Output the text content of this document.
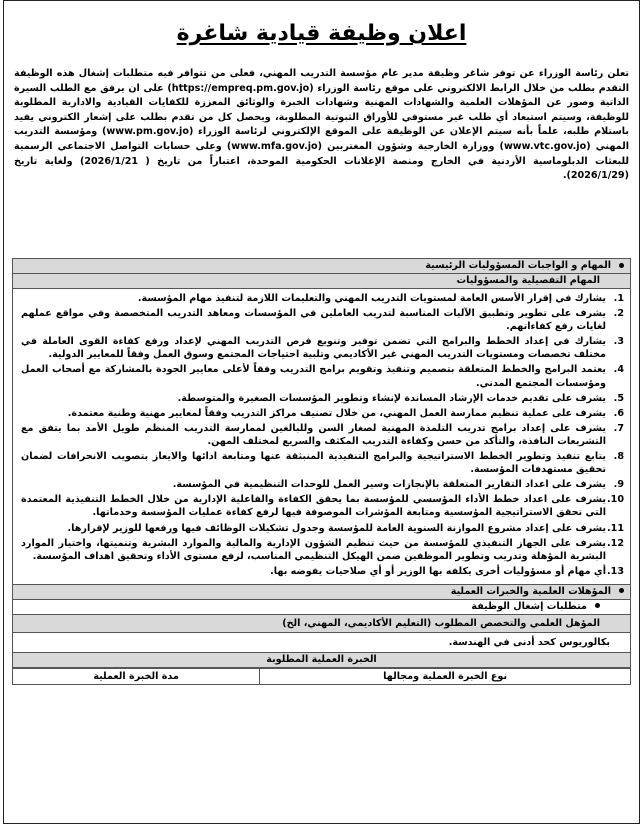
اعلان وظيفة قيادية شاغرة

تعلن رئاسة الوزراء عن توفر شاغر وظيفة مدير عام مؤسسة التدريب المهني، فعلى من تتوافر فيه متطلبات إشغال هذه الوظيفة التقدم بطلب من خلال الرابط الالكتروني على موقع رئاسة الوزراء (https://empreq.pm.gov.jo) على ان يرفق مع الطلب السيرة الذاتية وصور عن المؤهلات العلمية والشهادات المهنية وشهادات الخبرة والوثائق المعززة للكفايات القيادية والادارية المطلوبة للوظيفة، وسيتم استبعاد أي طلب غير مستوفي للأوراق الثبوتية المطلوبة، ويحصل كل من تقدم بطلب على إشعار الكتروني يفيد باستلام طلبه، علماً بأنه سيتم الإعلان عن الوظيفة على الموقع الإلكتروني لرئاسة الوزراء (www.pm.gov.jo) ومؤسسة التدريب المهني (www.vtc.gov.jo) ووزارة الخارجية وشؤون المغتربين (www.mfa.gov.jo) وعلى حسابات التواصل الاجتماعي الرسمية للبعثات الدبلوماسية الأردنية في الخارج ومنصة الإعلانات الحكومية الموحدة، اعتباراً من تاريخ ( 2026/1/21) ولغاية تاريخ (2026/1/29).

المهام و الواجبات المسؤوليات الرئيسية
المهام التفصيلية والمسؤوليات
1.
يشارك في إقرار الأسس العامة لمستويات التدريب المهني والتعليمات اللازمة لتنفيذ مهام المؤسسة.
2.
يشرف على تطوير وتطبيق الآليات المناسبة لتدريب العاملين في المؤسسات ومعاهد التدريب المتخصصة وفي مواقع عملهم لغايات رفع كفاءاتهم.
3.
يشارك في إعداد الخطط والبرامج التي تضمن توفير وتنويع فرص التدريب المهني لإعداد ورفع كفاءة القوى العاملة في مختلف تخصصات ومستويات التدريب المهني غير الأكاديمي وتلبية احتياجات المجتمع وسوق العمل وفقاً للمعايير الدولية.
4.
يعتمد البرامج والخطط المتعلقة بتصميم وتنفيذ وتقويم برامج التدريب وفقاً لأعلى معايير الجودة بالمشاركة مع أصحاب العمل ومؤسسات المجتمع المدني.
5.
يشرف على تقديم خدمات الإرشاد المساندة لإنشاء وتطوير المؤسسات الصغيرة والمتوسطة.
6.
يشرف على عملية تنظيم ممارسة العمل المهني، من خلال تصنيف مراكز التدريب وفقاً لمعايير مهنية وطنية معتمدة.
7.
يشرف على إعداد برامج تدريب التلمذة المهنية لصغار السن وللبالغين لممارسة التدريب المنظم طويل الأمد بما يتفق مع التشريعات النافذة، والتأكد من حسن وكفاءة التدريب المكثف والسريع لمختلف المهن.
8.
يتابع تنفيذ وتطوير الخطط الاستراتيجية والبرامج التنفيذية المنبثقة عنها ومتابعة ادائها والايعاز بتصويب الانحرافات لضمان تحقيق مستهدفات المؤسسة.
9.
يشرف على اعداد التقارير المتعلقة بالإنجازات وسير العمل للوحدات التنظيمية في المؤسسة.
10.
يشرف على اعداد خطط الأداء المؤسسي للمؤسسة بما يحقق الكفاءة والفاعلية الإدارية من خلال الخطط التنفيذية المعتمدة التي تحقق الاستراتيجية المؤسسية ومتابعة المؤشرات الموصوفة فيها لرفع كفاءة عمليات المؤسسة وخدماتها.
11.
يشرف على إعداد مشروع الموازنة السنوية العامة للمؤسسة وجدول تشكيلات الوظائف فيها ورفعها للوزير لإقرارها.
12.
يشرف على الجهاز التنفيذي للمؤسسة من حيث تنظيم الشؤون الإدارية والمالية والموارد البشرية وتنميتها، واختيار الموارد البشرية المؤهلة وتدريب وتطوير الموظفين ضمن الهيكل التنظيمي المناسب، لرفع مستوى الأداء وتحقيق اهداف المؤسسة.
13.
أي مهام أو مسؤوليات أخرى يكلفه بها الوزير أو أي صلاحيات يفوضه بها.
المؤهلات العلمية والخبرات العملية
متطلبات إشغال الوظيفة
المؤهل العلمي والتخصص المطلوب (التعليم الأكاديمي، المهني، الخ)
بكالوريوس كحد أدنى في الهندسة.
الخبرة العملية المطلوبة
نوع الخبرة العملية ومجالها	مدة الخبرة العملية
